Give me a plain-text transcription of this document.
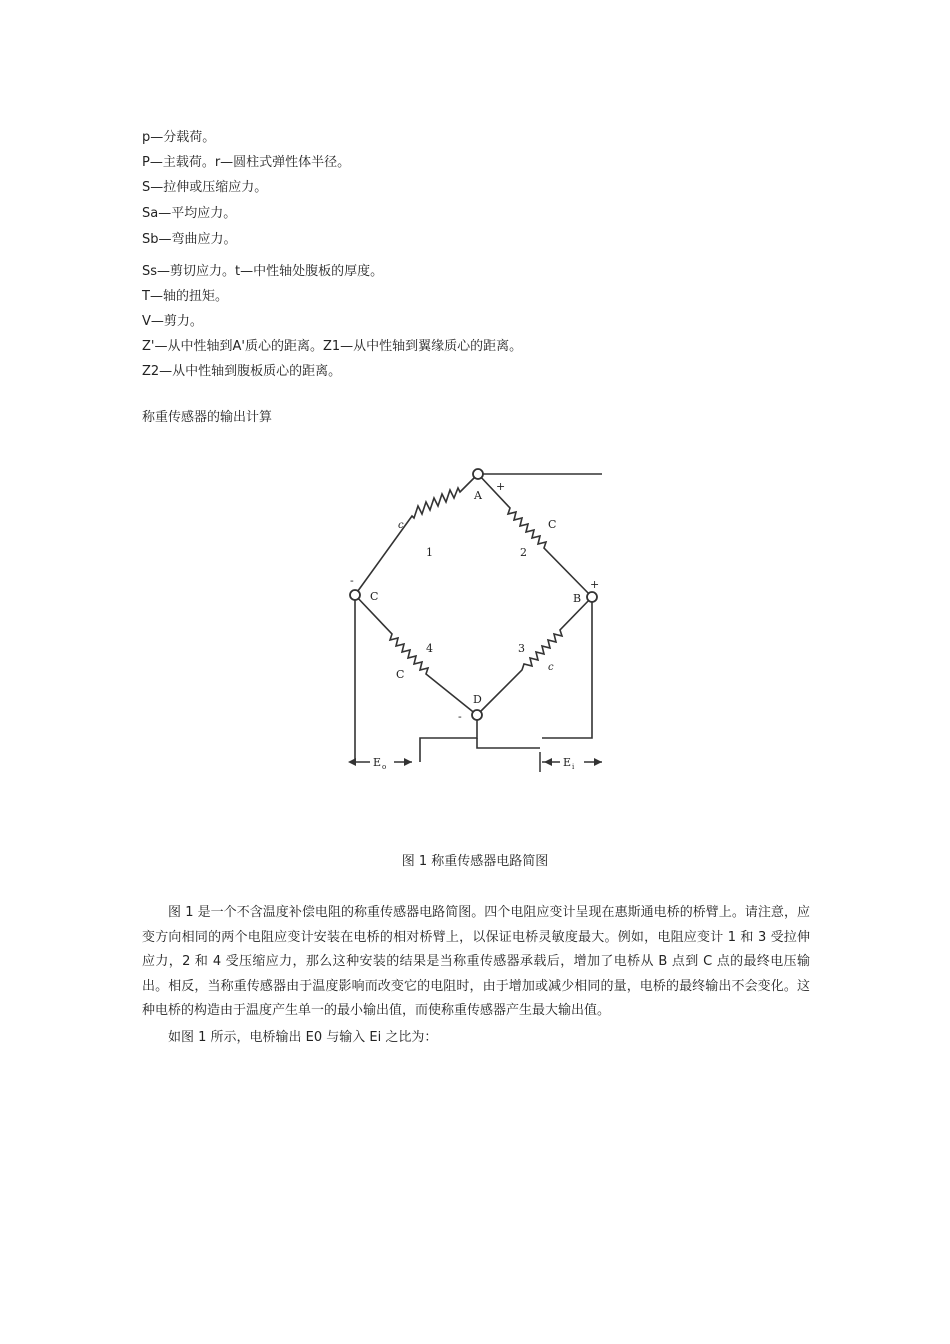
p—分载荷。
P—主载荷。r—圆柱式弹性体半径。
S—拉伸或压缩应力。
Sa—平均应力。
Sb—弯曲应力。
Ss—剪切应力。t—中性轴处腹板的厚度。
T—轴的扭矩。
V—剪力。
Z'—从中性轴到A'质心的距离。Z1—从中性轴到翼缘质心的距离。
Z2—从中性轴到腹板质心的距离。
称重传感器的输出计算
A
B
C
D
+
+
-
-
1	2
3
4
c	C
c
C
E o	E i
图 1 称重传感器电路简图

图 1 是一个不含温度补偿电阻的称重传感器电路简图。四个电阻应变计呈现在惠斯通电桥的桥臂上。请注意，应变方向相同的两个电阻应变计安装在电桥的相对桥臂上，以保证电桥灵敏度最大。例如，电阻应变计 1 和 3 受拉伸应力，2 和 4 受压缩应力，那么这种安装的结果是当称重传感器承载后，增加了电桥从 B 点到 C 点的最终电压输出。相反，当称重传感器由于温度影响而改变它的电阻时，由于增加或减少相同的量，电桥的最终输出不会变化。这种电桥的构造由于温度产生单一的最小输出值，而使称重传感器产生最大输出值。

如图 1 所示，电桥输出 E0 与输入 Ei 之比为：
